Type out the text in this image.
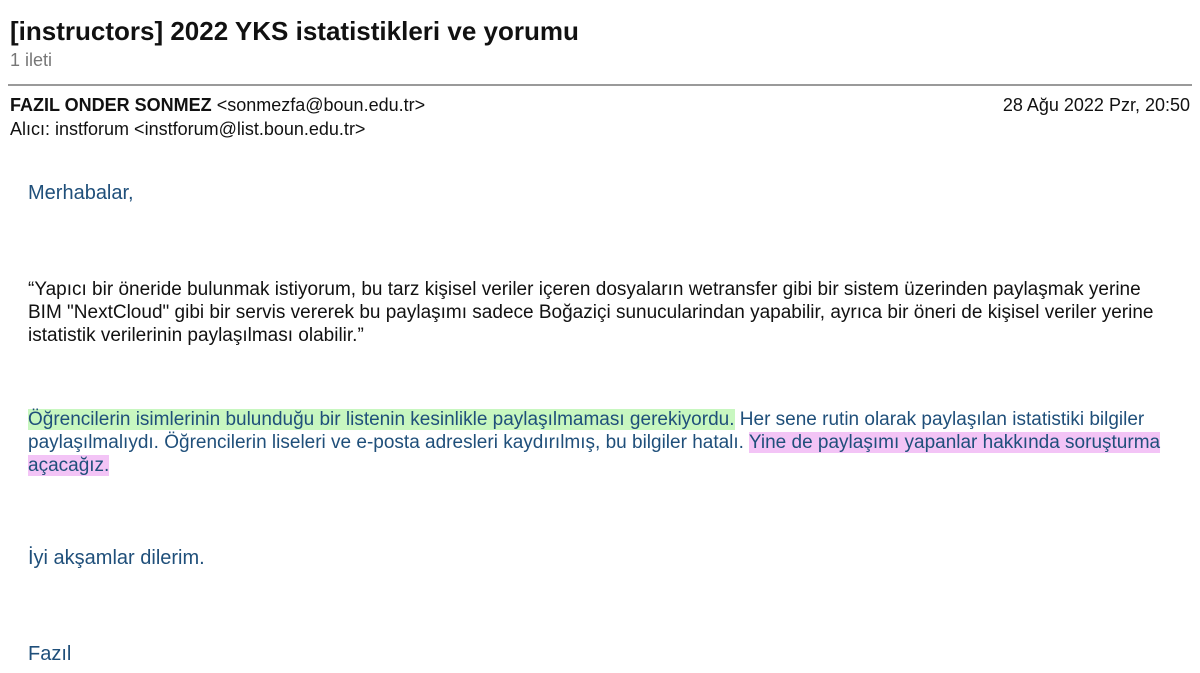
[instructors] 2022 YKS istatistikleri ve yorumu
1 ileti
FAZIL ONDER SONMEZ <sonmezfa@boun.edu.tr>	28 Ağu 2022 Pzr, 20:50
Alıcı: instforum <instforum@list.boun.edu.tr>
Merhabalar,
“Yapıcı bir öneride bulunmak istiyorum, bu tarz kişisel veriler içeren dosyaların wetransfer gibi bir sistem üzerinden paylaşmak yerine BIM "NextCloud" gibi bir servis vererek bu paylaşımı sadece Boğaziçi sunucularindan yapabilir, ayrıca bir öneri de kişisel veriler yerine istatistik verilerinin paylaşılması olabilir.”
Öğrencilerin isimlerinin bulunduğu bir listenin kesinlikle paylaşılmaması gerekiyordu. Her sene rutin olarak paylaşılan istatistiki bilgiler paylaşılmalıydı. Öğrencilerin liseleri ve e-posta adresleri kaydırılmış, bu bilgiler hatalı. Yine de paylaşımı yapanlar hakkında soruşturma açacağız.
İyi akşamlar dilerim.
Fazıl
